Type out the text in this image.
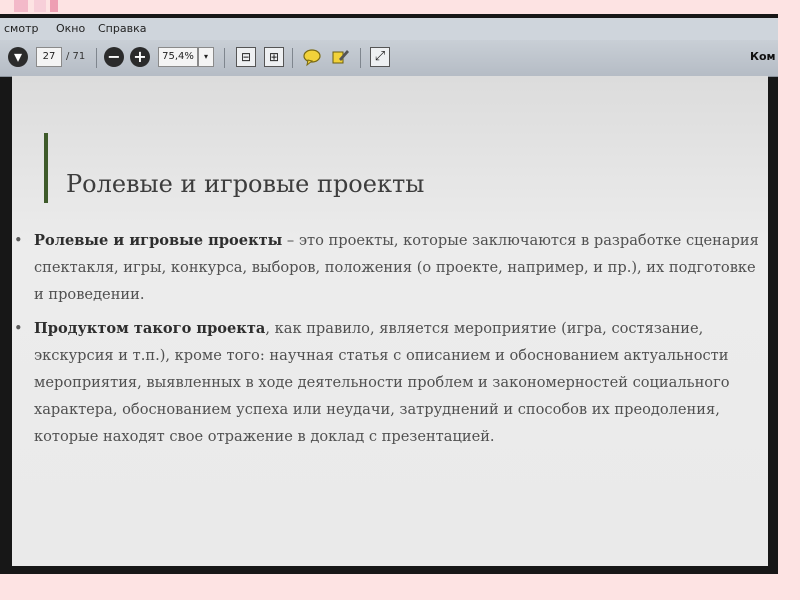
смотр Окно Справка
▾	27	/ 71 − +	75,4%	▾	⊟	⊞	⤢	Ком
Ролевые и игровые проекты
• Ролевые и игровые проекты – это проекты, которые заключаются в разработке сценария спектакля, игры, конкурса, выборов, положения (о проекте, например, и пр.), их подготовке и проведении.
• Продуктом такого проекта, как правило, является мероприятие (игра, состязание, экскурсия и т.п.), кроме того: научная статья с описанием и обоснованием актуальности мероприятия, выявленных в ходе деятельности проблем и закономерностей социального характера, обоснованием успеха или неудачи, затруднений и способов их преодоления, которые находят свое отражение в доклад с презентацией.
